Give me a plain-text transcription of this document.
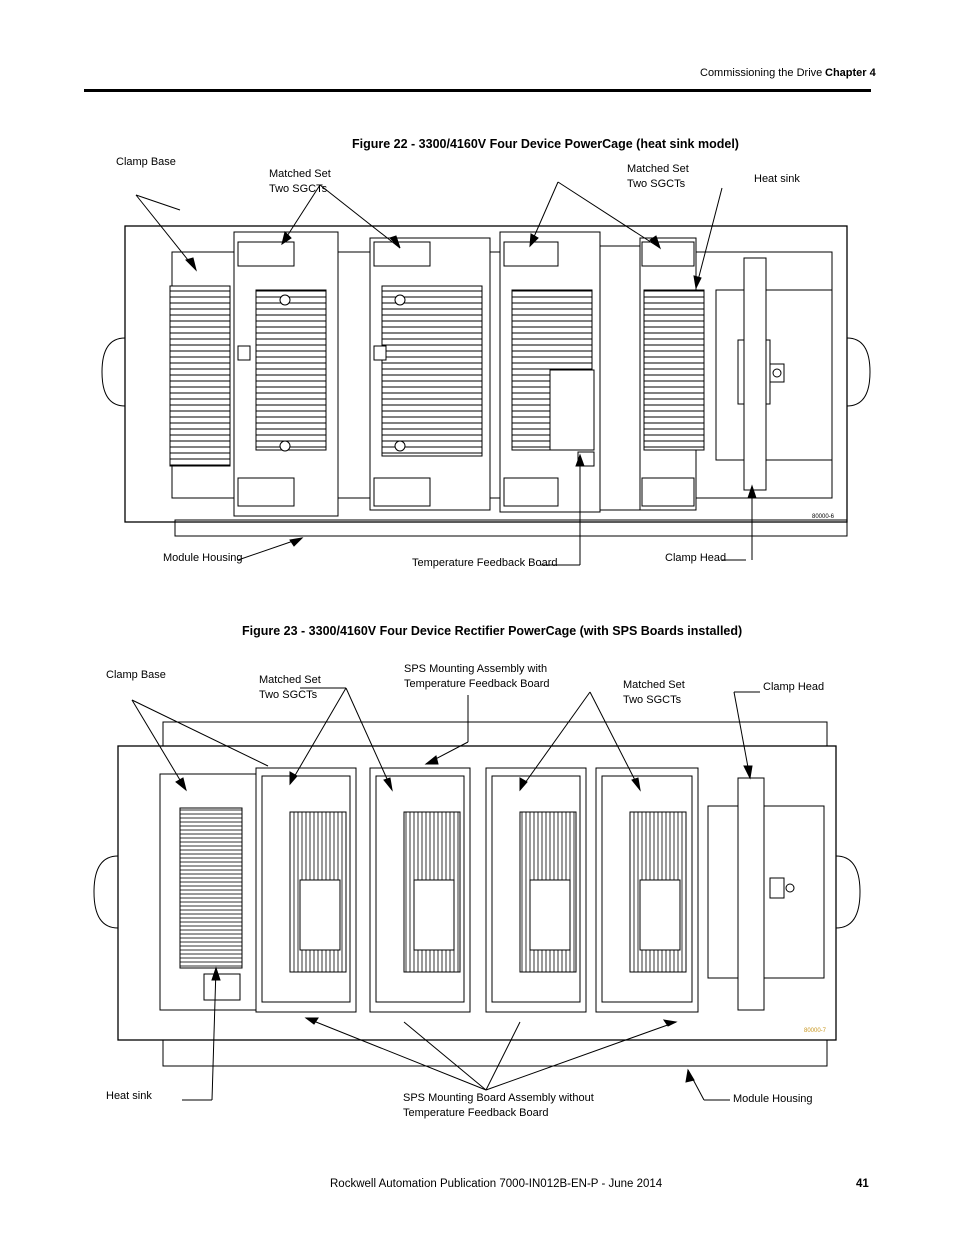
Commissioning the Drive Chapter 4
Figure 22 - 3300/4160V Four Device PowerCage (heat sink model)
Clamp Base
Matched Set
Two SGCTs
Matched Set
Two SGCTs	Heat sink
Module Housing	Temperature Feedback Board	Clamp Head
Figure 23 - 3300/4160V Four Device Rectifier PowerCage (with SPS Boards installed)
Clamp Base	Matched Set
Two SGCTs
SPS Mounting Assembly with
Temperature Feedback Board	Matched Set
Two SGCTs
Clamp Head
Heat sink	SPS Mounting Board Assembly without
Temperature Feedback Board
Module Housing
80000-6
80000-7
Rockwell Automation Publication 7000-IN012B-EN-P - June 2014	41
